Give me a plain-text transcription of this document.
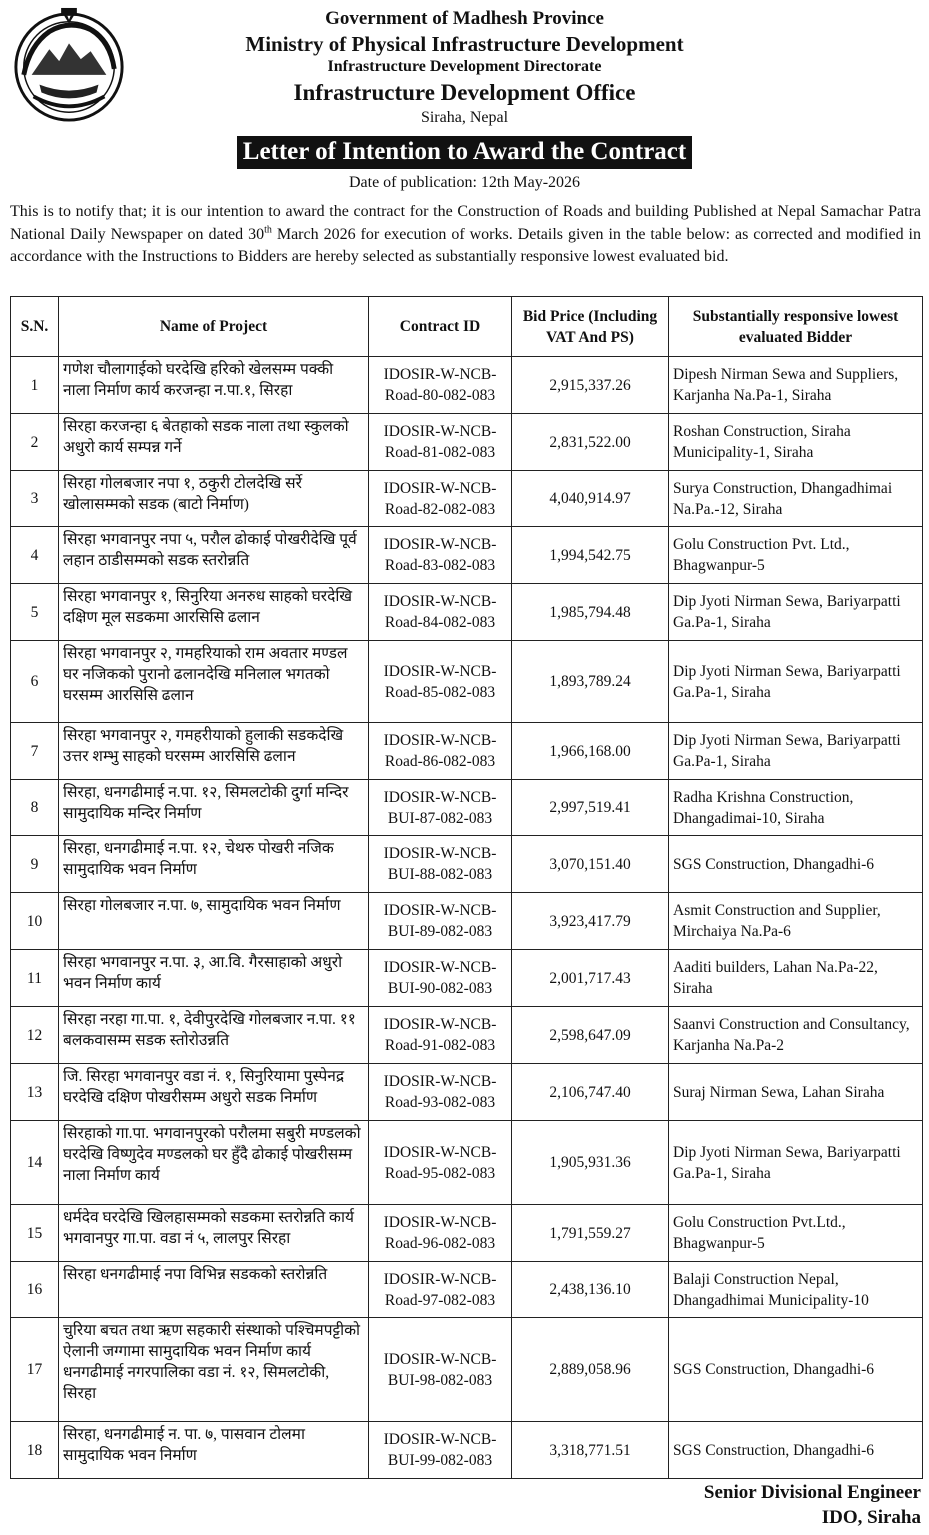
Government of Madhesh Province
Ministry of Physical Infrastructure Development
Infrastructure Development Directorate
Infrastructure Development Office
Siraha, Nepal
Letter of Intention to Award the Contract
Date of publication: 12th May-2026
This is to notify that; it is our intention to award the contract for the Construction of Roads and building Published at Nepal Samachar Patra National Daily Newspaper on dated 30th March 2026 for execution of works. Details given in the table below: as corrected and modified in accordance with the Instructions to Bidders are hereby selected as substantially responsive lowest evaluated bid.
S.N.	Name of Project	Contract ID	Bid Price (Including VAT And PS)	Substantially responsive lowest evaluated Bidder
1	गणेश चौलागाईको घरदेखि हरिको खेलसम्म पक्की नाला निर्माण कार्य करजन्हा न.पा.१, सिरहा	IDOSIR-W-NCB-Road-80-082-083	2,915,337.26	Dipesh Nirman Sewa and Suppliers, Karjanha Na.Pa-1, Siraha
2	सिरहा करजन्हा ६ बेतहाको सडक नाला तथा स्कुलको अधुरो कार्य सम्पन्न गर्ने	IDOSIR-W-NCB-Road-81-082-083	2,831,522.00	Roshan Construction, Siraha Municipality-1, Siraha
3	सिरहा गोलबजार नपा १, ठकुरी टोलदेखि सर्रे खोलासम्मको सडक (बाटो निर्माण)	IDOSIR-W-NCB-Road-82-082-083	4,040,914.97	Surya Construction, Dhangadhimai Na.Pa.-12, Siraha
4	सिरहा भगवानपुर नपा ५, परौल ढोकाई पोखरीदेखि पूर्व लहान ठाडीसम्मको सडक स्तरोन्नति	IDOSIR-W-NCB-Road-83-082-083	1,994,542.75	Golu Construction Pvt. Ltd., Bhagwanpur-5
5	सिरहा भगवानपुर १, सिनुरिया अनरुध साहको घरदेखि दक्षिण मूल सडकमा आरसिसि ढलान	IDOSIR-W-NCB-Road-84-082-083	1,985,794.48	Dip Jyoti Nirman Sewa, Bariyarpatti Ga.Pa-1, Siraha
6	सिरहा भगवानपुर २, गमहरियाको राम अवतार मण्डल घर नजिकको पुरानो ढलानदेखि मनिलाल भगतको घरसम्म आरसिसि ढलान	IDOSIR-W-NCB-Road-85-082-083	1,893,789.24	Dip Jyoti Nirman Sewa, Bariyarpatti Ga.Pa-1, Siraha
7	सिरहा भगवानपुर २, गमहरीयाको हुलाकी सडकदेखि उत्तर शम्भु साहको घरसम्म आरसिसि ढलान	IDOSIR-W-NCB-Road-86-082-083	1,966,168.00	Dip Jyoti Nirman Sewa, Bariyarpatti Ga.Pa-1, Siraha
8	सिरहा, धनगढीमाई न.पा. १२, सिमलटोकी दुर्गा मन्दिर सामुदायिक मन्दिर निर्माण	IDOSIR-W-NCB-BUI-87-082-083	2,997,519.41	Radha Krishna Construction, Dhangadimai-10, Siraha
9	सिरहा, धनगढीमाई न.पा. १२, चेथरु पोखरी नजिक सामुदायिक भवन निर्माण	IDOSIR-W-NCB-BUI-88-082-083	3,070,151.40	SGS Construction, Dhangadhi-6
10	सिरहा गोलबजार न.पा. ७, सामुदायिक भवन निर्माण	IDOSIR-W-NCB-BUI-89-082-083	3,923,417.79	Asmit Construction and Supplier, Mirchaiya Na.Pa-6
11	सिरहा भगवानपुर न.पा. ३, आ.वि. गैरसाहाको अधुरो भवन निर्माण कार्य	IDOSIR-W-NCB-BUI-90-082-083	2,001,717.43	Aaditi builders, Lahan Na.Pa-22, Siraha
12	सिरहा नरहा गा.पा. १, देवीपुरदेखि गोलबजार न.पा. ११ बलकवासम्म सडक स्तोरोउन्नति	IDOSIR-W-NCB-Road-91-082-083	2,598,647.09	Saanvi Construction and Consultancy, Karjanha Na.Pa-2
13	जि. सिरहा भगवानपुर वडा नं. १, सिनुरियामा पुस्पेनद्र घरदेखि दक्षिण पोखरीसम्म अधुरो सडक निर्माण	IDOSIR-W-NCB-Road-93-082-083	2,106,747.40	Suraj Nirman Sewa, Lahan Siraha
14	सिरहाको गा.पा. भगवानपुरको परौलमा सबुरी मण्डलको घरदेखि विष्णुदेव मण्डलको घर हुँदै ढोकाई पोखरीसम्म नाला निर्माण कार्य	IDOSIR-W-NCB-Road-95-082-083	1,905,931.36	Dip Jyoti Nirman Sewa, Bariyarpatti Ga.Pa-1, Siraha
15	धर्मदेव घरदेखि खिलहासम्मको सडकमा स्तरोन्नति कार्य भगवानपुर गा.पा. वडा नं ५, लालपुर सिरहा	IDOSIR-W-NCB-Road-96-082-083	1,791,559.27	Golu Construction Pvt.Ltd., Bhagwanpur-5
16	सिरहा धनगढीमाई नपा विभिन्न सडकको स्तरोन्नति	IDOSIR-W-NCB-Road-97-082-083	2,438,136.10	Balaji Construction Nepal, Dhangadhimai Municipality-10
17	चुरिया बचत तथा ऋण सहकारी संस्थाको पश्चिमपट्टीको ऐलानी जग्गामा सामुदायिक भवन निर्माण कार्य धनगढीमाई नगरपालिका वडा नं. १२, सिमलटोकी, सिरहा	IDOSIR-W-NCB-BUI-98-082-083	2,889,058.96	SGS Construction, Dhangadhi-6
18	सिरहा, धनगढीमाई न. पा. ७, पासवान टोलमा सामुदायिक भवन निर्माण	IDOSIR-W-NCB-BUI-99-082-083	3,318,771.51	SGS Construction, Dhangadhi-6
Senior Divisional Engineer
IDO, Siraha
